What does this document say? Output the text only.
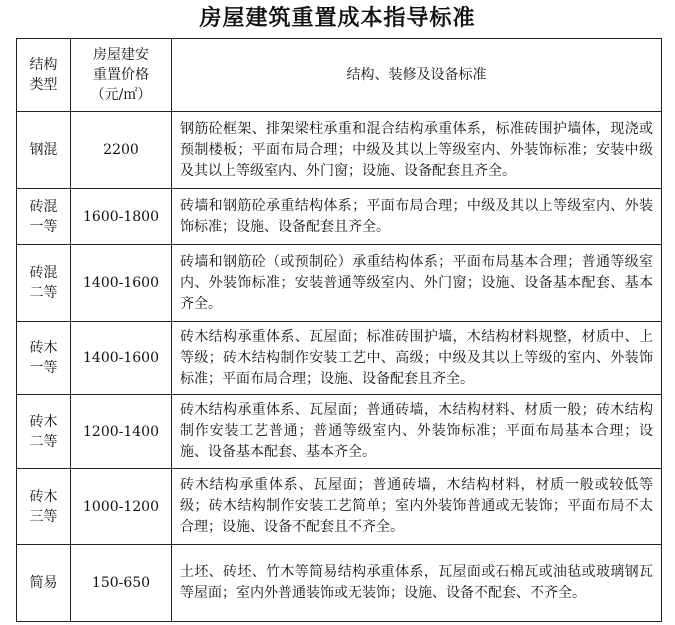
房屋建筑重置成本指导标准
结构
类型	房屋建安
重置价格
（元/㎡）	结构、装修及设备标准

钢混	2200	钢筋砼框架、排架梁柱承重和混合结构承重体系，标准砖围护墙体，现浇或预制楼板；平面布局合理；中级及其以上等级室内、外装饰标准；安装中级及其以上等级室内、外门窗；设施、设备配套且齐全。

砖混
一等	1600-1800	砖墙和钢筋砼承重结构体系；平面布局合理；中级及其以上等级室内、外装饰标准；设施、设备配套且齐全。

砖混
二等	1400-1600	砖墙和钢筋砼（或预制砼）承重结构体系；平面布局基本合理；普通等级室内、外装饰标准；安装普通等级室内、外门窗；设施、设备基本配套、基本齐全。

砖木
一等	1400-1600	砖木结构承重体系、瓦屋面；标准砖围护墙，木结构材料规整，材质中、上等级；砖木结构制作安装工艺中、高级；中级及其以上等级的室内、外装饰标准；平面布局合理；设施、设备配套且齐全。

砖木
二等	1200-1400	砖木结构承重体系、瓦屋面；普通砖墙，木结构材料、材质一般；砖木结构制作安装工艺普通；普通等级室内、外装饰标准；平面布局基本合理；设施、设备基本配套、基本齐全。

砖木
三等	1000-1200	砖木结构承重体系、瓦屋面；普通砖墙，木结构材料，材质一般或较低等级；砖木结构制作安装工艺简单；室内外装饰普通或无装饰；平面布局不太合理；设施、设备不配套且不齐全。

简易	150-650	土坯、砖坯、竹木等简易结构承重体系，瓦屋面或石棉瓦或油毡或玻璃钢瓦等屋面；室内外普通装饰或无装饰；设施、设备不配套、不齐全。
